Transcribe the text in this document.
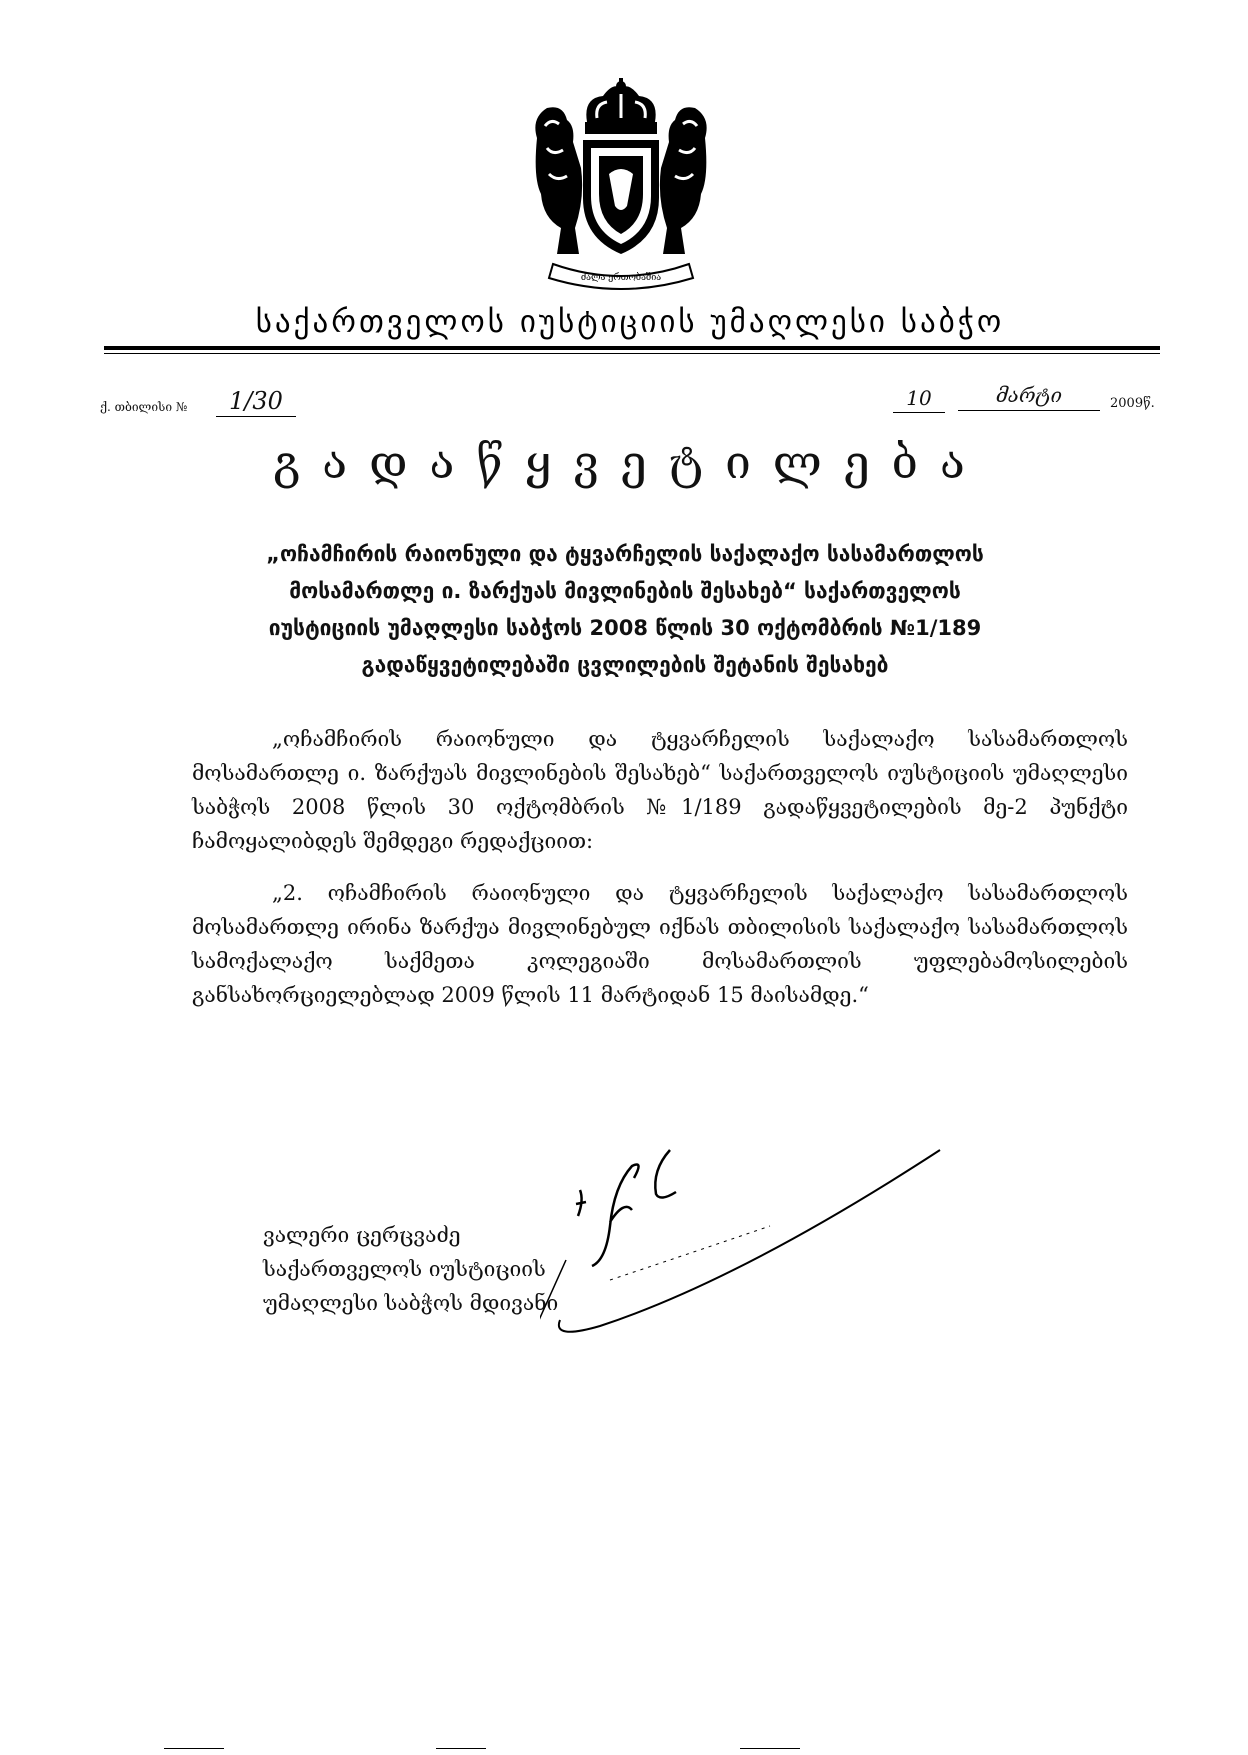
ძალა ერთობაშია
საქართველოს იუსტიციის უმაღლესი საბჭო
ქ. თბილისი №	1/30	10	მარტი	2009წ.
გადაწყვეტილება
„ოჩამჩირის რაიონული და ტყვარჩელის საქალაქო სასამართლოს მოსამართლე ი. ზარქუას მივლინების შესახებ“ საქართველოს იუსტიციის უმაღლესი საბჭოს 2008 წლის 30 ოქტომბრის №1/189 გადაწყვეტილებაში ცვლილების შეტანის შესახებ

„ოჩამჩირის რაიონული და ტყვარჩელის საქალაქო სასამართლოს მოსამართლე ი. ზარქუას მივლინების შესახებ“ საქართველოს იუსტიციის უმაღლესი საბჭოს 2008 წლის 30 ოქტომბრის №1/189 გადაწყვეტილების მე-2 პუნქტი ჩამოყალიბდეს შემდეგი რედაქციით:

„2. ოჩამჩირის რაიონული და ტყვარჩელის საქალაქო სასამართლოს მოსამართლე ირინა ზარქუა მივლინებულ იქნას თბილისის საქალაქო სასამართლოს სამოქალაქო საქმეთა კოლეგიაში მოსამართლის უფლებამოსილების განსახორციელებლად 2009 წლის 11 მარტიდან 15 მაისამდე.“

ვალერი ცერცვაძე
საქართველოს იუსტიციის
უმაღლესი საბჭოს მდივანი
